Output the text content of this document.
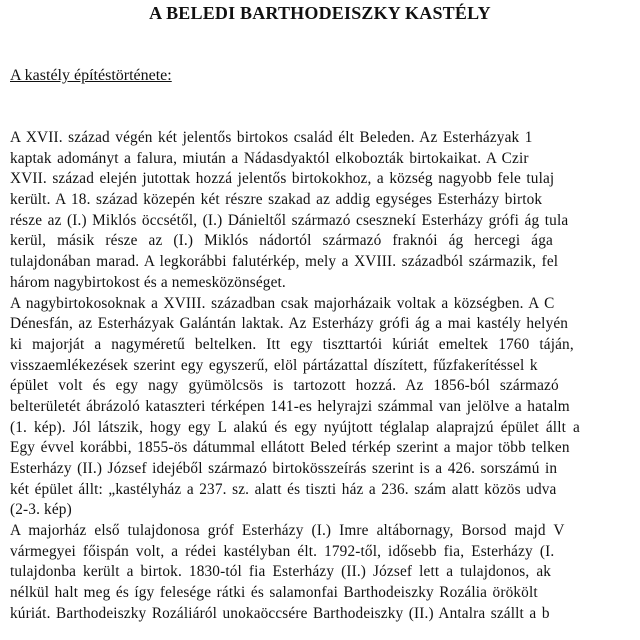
A BELEDI BARTHODEISZKY KASTÉLY
A kastély építéstörténete:
A XVII. század végén két jelentős birtokos család élt Beleden. Az Esterházyak 1
kaptak adományt a falura, miután a Nádasdyaktól elkobozták birtokaikat. A Czir
XVII. század elején jutottak hozzá jelentős birtokokhoz, a község nagyobb fele tulaj
került. A 18. század közepén két részre szakad az addig egységes Esterházy birtok
része az (I.) Miklós öccsétől, (I.) Dánieltől származó csesznekí Esterházy grófi ág tula
kerül, másik része az (I.) Miklós nádortól származó fraknói ág hercegi ága
tulajdonában marad. A legkorábbi falutérkép, mely a XVIII. századból származik, fel
három nagybirtokost és a nemesközönséget.
A nagybirtokosoknak a XVIII. században csak majorházaik voltak a községben. A C
Dénesfán, az Esterházyak Galántán laktak. Az Esterházy grófi ág a mai kastély helyén
ki majorját a nagyméretű beltelken. Itt egy tiszttartói kúriát emeltek 1760 táján,
visszaemlékezések szerint egy egyszerű, elöl pártázattal díszített, fűzfakerítéssel k
épület volt és egy nagy gyümölcsös is tartozott hozzá. Az 1856-ból származó
belterületét ábrázoló kataszteri térképen 141-es helyrajzi számmal van jelölve a hatalm
(1. kép). Jól látszik, hogy egy L alakú és egy nyújtott téglalap alaprajzú épület állt a
Egy évvel korábbi, 1855-ös dátummal ellátott Beled térkép szerint a major több telken
Esterházy (II.) József idejéből származó birtokösszeírás szerint is a 426. sorszámú in
két épület állt: „kastélyház a 237. sz. alatt és tiszti ház a 236. szám alatt közös udva
(2-3. kép)
A majorház első tulajdonosa gróf Esterházy (I.) Imre altábornagy, Borsod majd V
vármegyei főispán volt, a rédei kastélyban élt. 1792-től, idősebb fia, Esterházy (I.
tulajdonba került a birtok. 1830-tól fia Esterházy (II.) József lett a tulajdonos, ak
nélkül halt meg és így felesége rátki és salamonfai Barthodeiszky Rozália örökölt
kúriát. Barthodeiszky Rozáliáról unokaöccsére Barthodeiszky (II.) Antalra szállt a b
